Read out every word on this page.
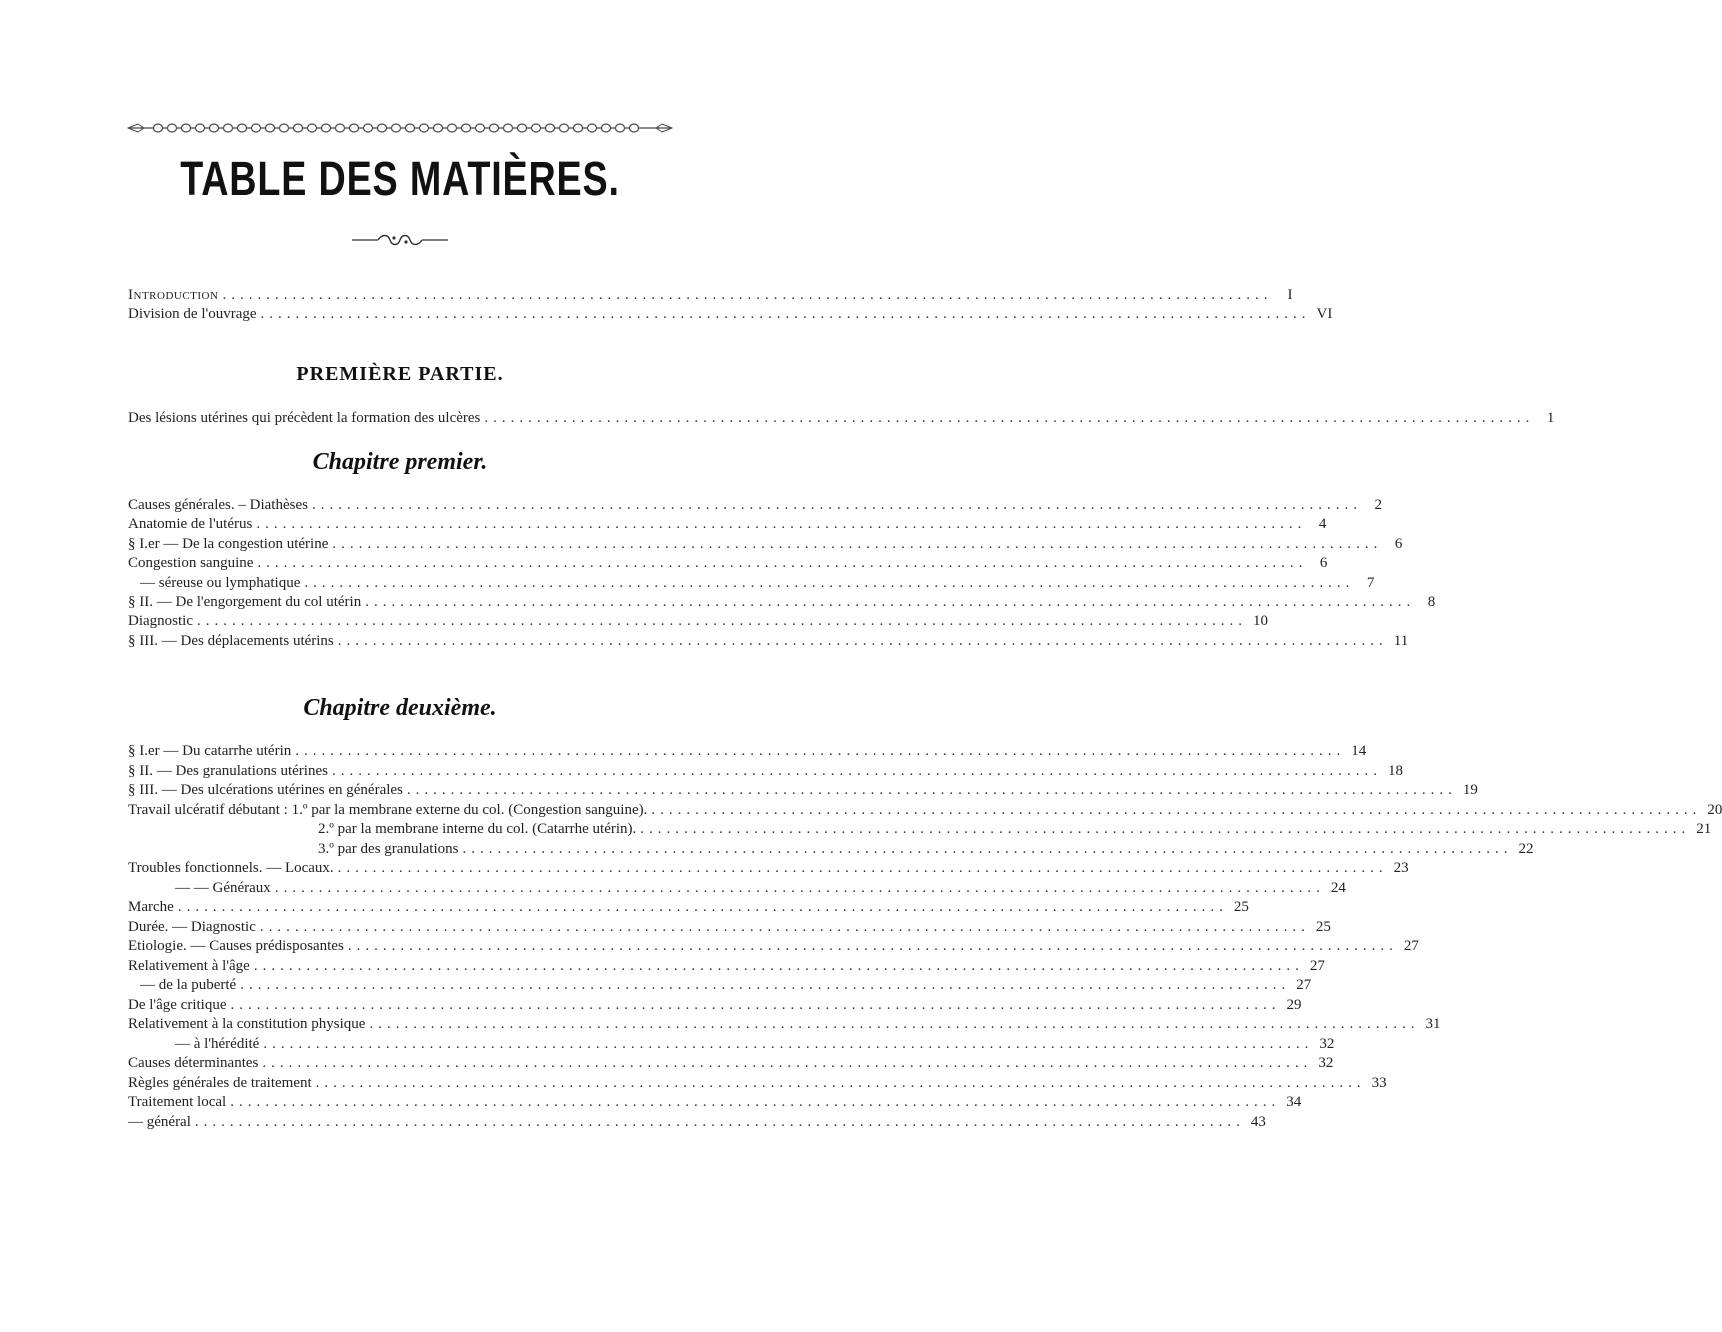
TABLE DES MATIÈRES.
Introduction ........................................................................................................................	I
Division de l'ouvrage ........................................................................................................................ VI
PREMIÈRE PARTIE.
Des lésions utérines qui précèdent la formation des ulcères ........................................................................................................................ 1
Chapitre premier.
Causes générales. – Diathèses ........................................................................................................................ 2
Anatomie de l'utérus ........................................................................................................................ 4
§ I.er — De la congestion utérine ........................................................................................................................ 6
Congestion sanguine ........................................................................................................................ 6
— séreuse ou lymphatique ........................................................................................................................ 7
§ II. — De l'engorgement du col utérin ........................................................................................................................ 8
Diagnostic ........................................................................................................................ 10
§ III. — Des déplacements utérins ........................................................................................................................ 11
Chapitre deuxième.
§ I.er — Du catarrhe utérin ........................................................................................................................ 14
§ II. — Des granulations utérines ........................................................................................................................ 18
§ III. — Des ulcérations utérines en générales ........................................................................................................................ 19
Travail ulcératif débutant : 1.º par la membrane externe du col. (Congestion sanguine). ........................................................................................................................ 20
2.º par la membrane interne du col. (Catarrhe utérin). ........................................................................................................................ 21
3.º par des granulations ........................................................................................................................ 22
Troubles fonctionnels. — Locaux. ........................................................................................................................ 23
— — Généraux ........................................................................................................................ 24
Marche ........................................................................................................................ 25
Durée. — Diagnostic ........................................................................................................................ 25
Etiologie. — Causes prédisposantes ........................................................................................................................ 27
Relativement à l'âge ........................................................................................................................ 27
— de la puberté ........................................................................................................................ 27
De l'âge critique ........................................................................................................................ 29
Relativement à la constitution physique ........................................................................................................................ 31
— à l'hérédité ........................................................................................................................ 32
Causes déterminantes ........................................................................................................................ 32
Règles générales de traitement ........................................................................................................................ 33
Traitement local ........................................................................................................................ 34
— général ........................................................................................................................ 43
